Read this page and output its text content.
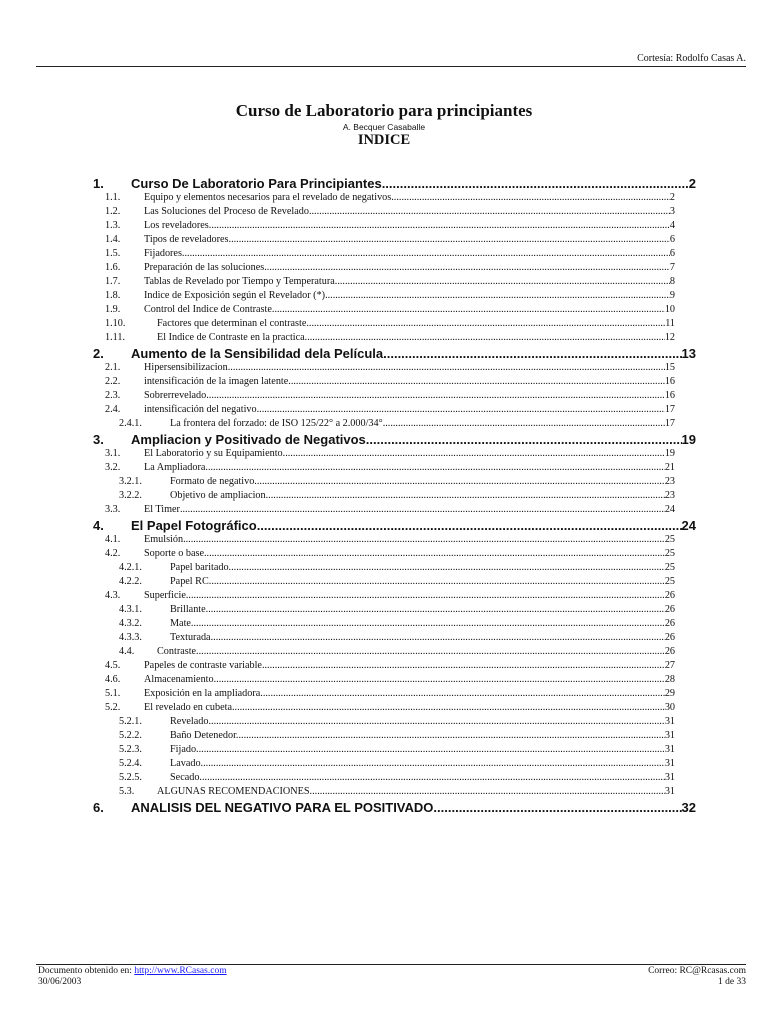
Cortesía: Rodolfo Casas A.
Curso de Laboratorio para principiantes
A. Becquer Casaballe
INDICE
1. Curso De Laboratorio Para Principiantes .....	2
1.1. Equipo y elementos necesarios para el revelado de negativos .....	2
1.2. Las Soluciones del Proceso de Revelado .....	3
1.3. Los reveladores .....	4
1.4. Tipos de reveladores .....	6
1.5. Fijadores .....	6
1.6. Preparación de las soluciones .....	7
1.7. Tablas de Revelado por Tiempo y Temperatura .....	8
1.8. Indice de Exposición según el Revelador (*) .....	9
1.9. Control del Indice de Contraste .....	10
1.10.	Factores que determinan el contraste .....	11
1.11.	El Indice de Contraste en la practica .....	12
2. Aumento de la Sensibilidad dela Película .....	13
2.1. Hipersensibilizacion .....	15
2.2. intensificación de la imagen latente .....	16
2.3. Sobrerrevelado .....	16
2.4. intensificación del negativo .....	17
2.4.1.	La frontera del forzado: de ISO 125/22° a 2.000/34° .....	17
3. Ampliacion y Positivado de Negativos .....	19
3.1. El Laboratorio y su Equipamiento .....	19
3.2. La Ampliadora .....	21
3.2.1.	Formato de negativo. .....	23
3.2.2.	Objetivo de ampliacion. .....	23
3.3. El Timer .....	24
4. El Papel Fotográfico .....	24
4.1. Emulsión .....	25
4.2. Soporte o base .....	25
4.2.1.	Papel baritado. .....	25
4.2.2.	Papel RC. .....	25
4.3. Superficie .....	26
4.3.1.	Brillante. .....	26
4.3.2.	Mate. .....	26
4.3.3.	Texturada. .....	26
4.4. Contraste .....	26
4.5. Papeles de contraste variable .....	27
4.6. Almacenamiento .....	28
5.1. Exposición en la ampliadora .....	29
5.2. El revelado en cubeta .....	30
5.2.1.	Revelado. .....	31
5.2.2.	Baño Detenedor. .....	31
5.2.3.	Fijado. .....	31
5.2.4.	Lavado. .....	31
5.2.5.	Secado. .....	31
5.3. ALGUNAS RECOMENDACIONES .....	31
6. ANALISIS DEL NEGATIVO PARA EL POSITIVADO .....	32
Documento obtenido en: http://www.RCasas.com
30/06/2003
Correo: RC@Rcasas.com
1 de 33
